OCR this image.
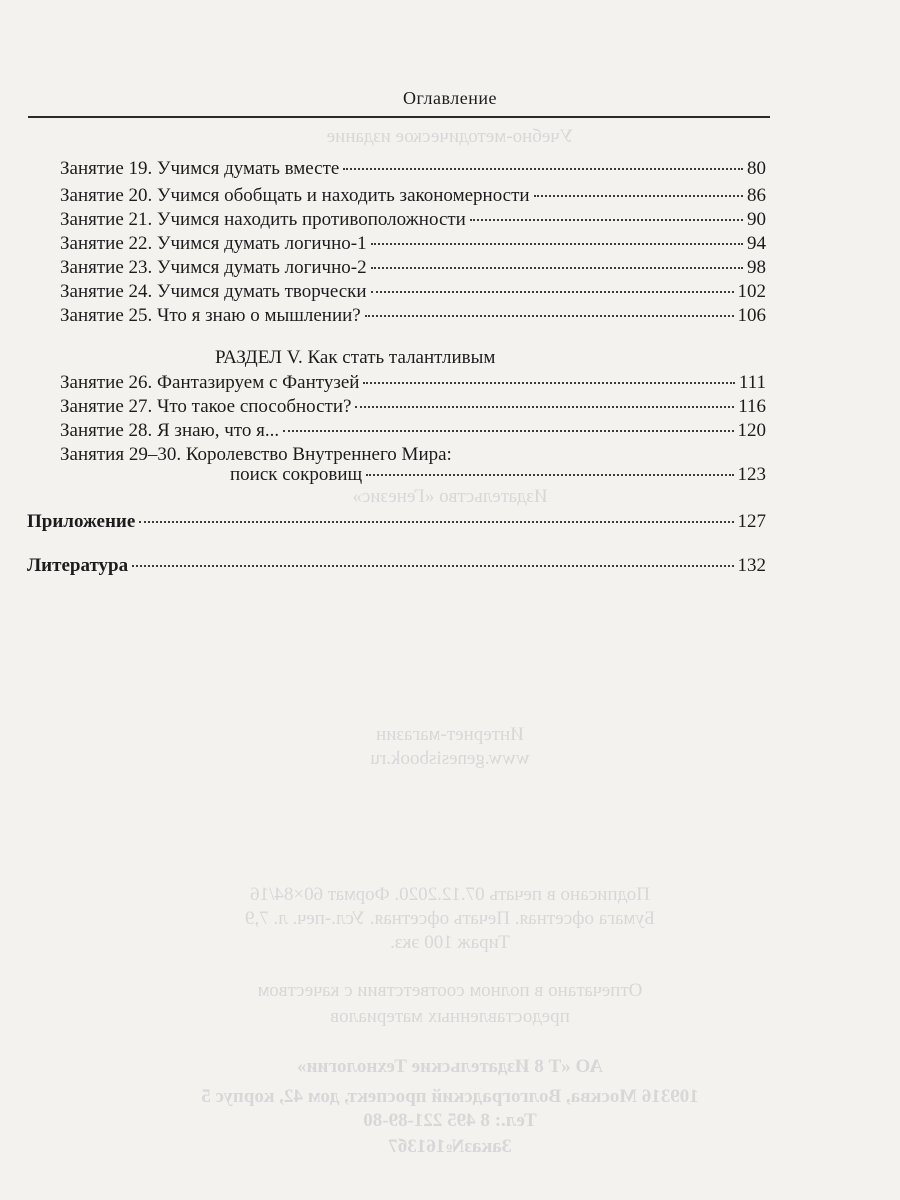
Учебно-методическое издание
Издательство «Генезис»
Интернет-магазин
www.genesisbook.ru
Подписано в печать 07.12.2020. Формат 60×84/16
Бумага офсетная. Печать офсетная. Усл.-печ. л. 7,9
Тираж 100 экз.
Отпечатано в полном соответствии с качеством
предоставленных материалов
АО «Т 8 Издательские Технологии»
109316 Москва, Волгоградский проспект, дом 42, корпус 5
Тел.: 8 495 221-89-80
Заказ№1613б7
Оглавление
Занятие 19. Учимся думать вместе	80
Занятие 20. Учимся обобщать и находить закономерности	86
Занятие 21. Учимся находить противоположности	90
Занятие 22. Учимся думать логично-1	94
Занятие 23. Учимся думать логично-2	98
Занятие 24. Учимся думать творчески	102
Занятие 25. Что я знаю о мышлении?	106
РАЗДЕЛ V. Как стать талантливым
Занятие 26. Фантазируем с Фантузей	111
Занятие 27. Что такое способности?	116
Занятие 28. Я знаю, что я...	120
Занятия 29–30. Королевство Внутреннего Мира:
поиск сокровищ	123
Приложение	127
Литература	132
